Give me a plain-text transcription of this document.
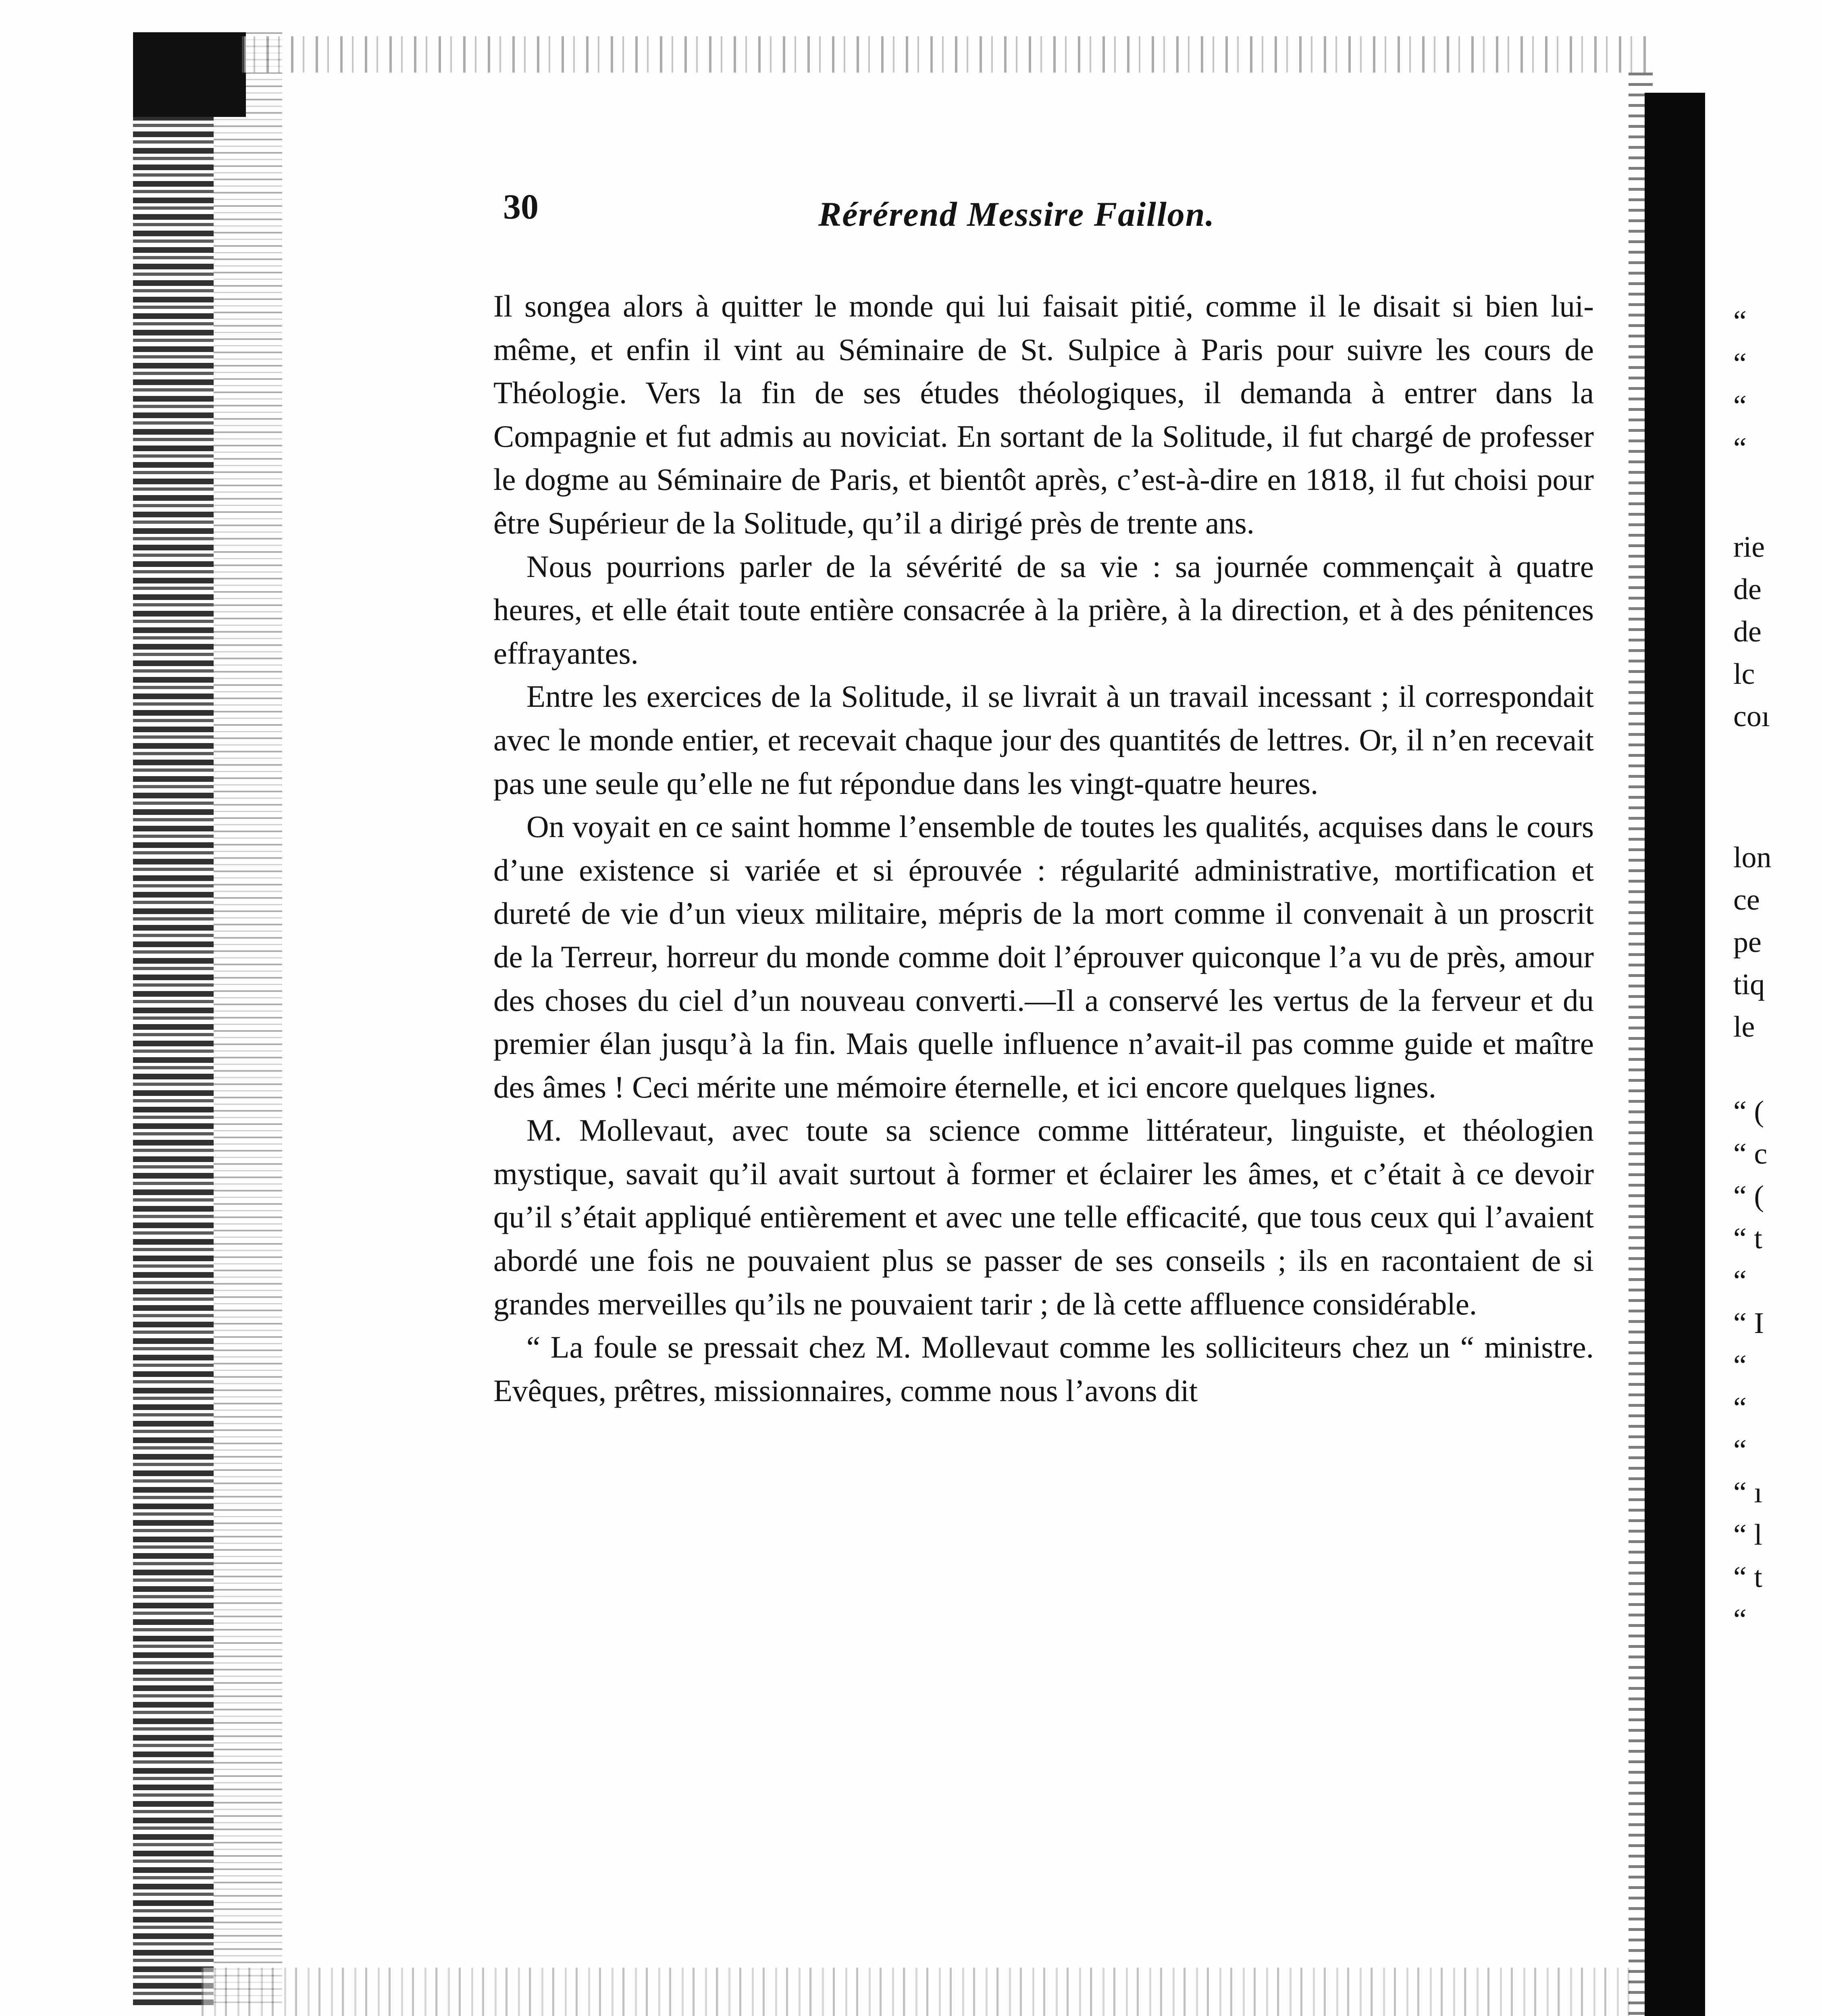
30	Rérérend Messire Faillon.

Il songea alors à quitter le monde qui lui faisait pitié, comme il le disait si bien lui-même, et enfin il vint au Séminaire de St. Sulpice à Paris pour suivre les cours de Théologie. Vers la fin de ses études théologiques, il demanda à entrer dans la Compagnie et fut admis au noviciat. En sortant de la Solitude, il fut chargé de professer le dogme au Séminaire de Paris, et bientôt après, c’est-à-dire en 1818, il fut choisi pour être Supérieur de la Solitude, qu’il a dirigé près de trente ans.

Nous pourrions parler de la sévérité de sa vie : sa journée commençait à quatre heures, et elle était toute entière consacrée à la prière, à la direction, et à des pénitences effrayantes.

Entre les exercices de la Solitude, il se livrait à un travail incessant ; il correspondait avec le monde entier, et recevait chaque jour des quantités de lettres. Or, il n’en recevait pas une seule qu’elle ne fut répondue dans les vingt-quatre heures.

On voyait en ce saint homme l’ensemble de toutes les qualités, acquises dans le cours d’une existence si variée et si éprouvée : régularité administrative, mortification et dureté de vie d’un vieux militaire, mépris de la mort comme il convenait à un proscrit de la Terreur, horreur du monde comme doit l’éprouver quiconque l’a vu de près, amour des choses du ciel d’un nouveau converti.—Il a conservé les vertus de la ferveur et du premier élan jusqu’à la fin. Mais quelle influence n’avait-il pas comme guide et maître des âmes ! Ceci mérite une mémoire éternelle, et ici encore quelques lignes.

M. Mollevaut, avec toute sa science comme littérateur, linguiste, et théologien mystique, savait qu’il avait surtout à former et éclairer les âmes, et c’était à ce devoir qu’il s’était appliqué entièrement et avec une telle efficacité, que tous ceux qui l’avaient abordé une fois ne pouvaient plus se passer de ses conseils ; ils en racontaient de si grandes merveilles qu’ils ne pouvaient tarir ; de là cette affluence considérable.

“ La foule se pressait chez M. Mollevaut comme les solliciteurs chez un “ ministre. Evêques, prêtres, missionnaires, comme nous l’avons dit

“
“
“
“
rie
de
de
lc
coı
lon
ce
pe
tiq
le
“ (
“ c
“ (
“ t
“
“ I
“
“
“
“ ı
“ l
“ t
“
